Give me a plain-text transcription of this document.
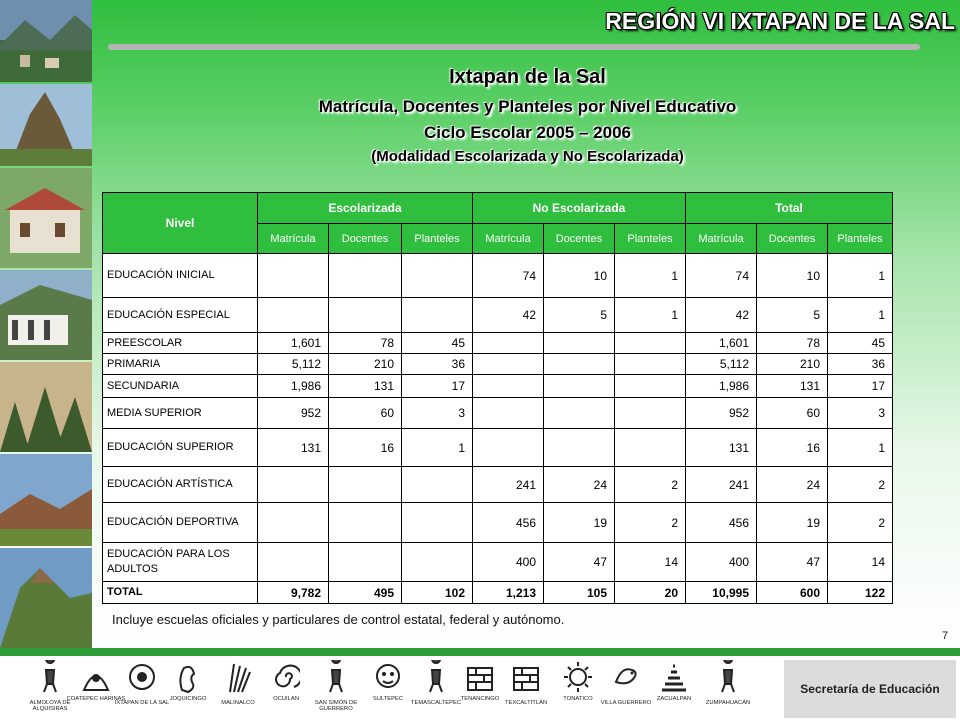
REGIÓN VI IXTAPAN DE LA SAL
Ixtapan de la Sal
Matrícula, Docentes y Planteles por Nivel Educativo
Ciclo Escolar 2005 – 2006
(Modalidad Escolarizada y No Escolarizada)
Nivel	Escolarizada			No Escolarizada			Total		
	Matrícula	Docentes	Planteles	Matrícula	Docentes	Planteles	Matrícula	Docentes	Planteles
EDUCACIÓN INICIAL				74	10	1	74	10	1
EDUCACIÓN ESPECIAL				42	5	1	42	5	1
PREESCOLAR	1,601	78	45				1,601	78	45
PRIMARIA	5,112	210	36				5,112	210	36
SECUNDARIA	1,986	131	17				1,986	131	17
MEDIA SUPERIOR	952	60	3				952	60	3
EDUCACIÓN SUPERIOR	131	16	1				131	16	1
EDUCACIÓN ARTÍSTICA				241	24	2	241	24	2
EDUCACIÓN DEPORTIVA				456	19	2	456	19	2
EDUCACIÓN PARA LOS ADULTOS				400	47	14	400	47	14
TOTAL	9,782	495	102	1,213	105	20	10,995	600	122
Incluye escuelas oficiales y particulares de control estatal, federal y autónomo.
7
ALMOLOYA DE ALQUISIRAS
COATEPEC HARINAS
IXTAPAN DE LA SAL
JOQUICINGO
MALINALCO
OCUILAN
SAN SIMÓN DE GUERRERO
SULTEPEC
TEMASCALTEPEC
TENANCINGO
TEXCALTITLÁN
TONATICO
VILLA GUERRERO
ZACUALPAN
ZUMPAHUACÁN
Secretaría de Educación
